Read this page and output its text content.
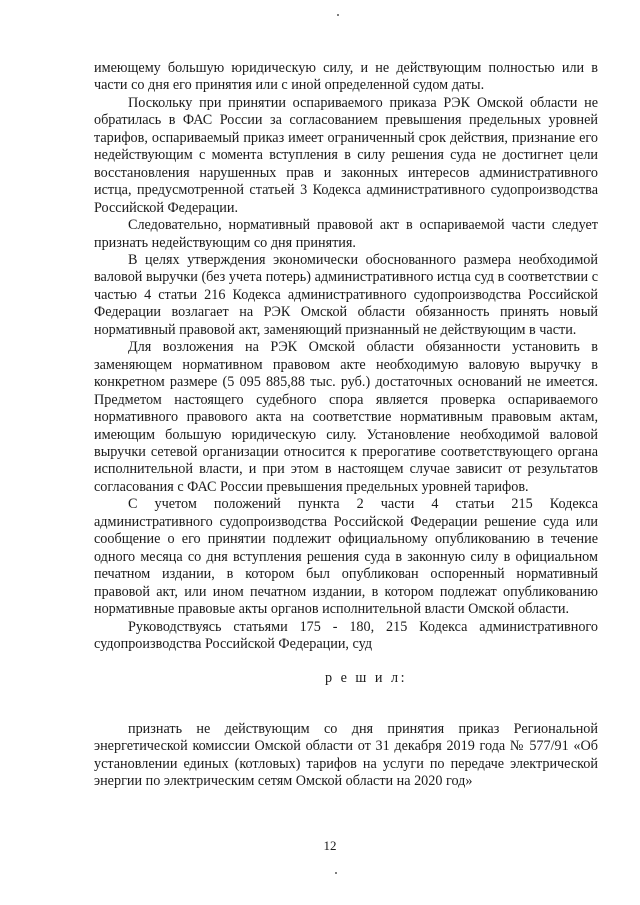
имеющему большую юридическую силу, и не действующим полностью или в части со дня его принятия или с иной определенной судом даты.

Поскольку при принятии оспариваемого приказа РЭК Омской области не обратилась в ФАС России за согласованием превышения предельных уровней тарифов, оспариваемый приказ имеет ограниченный срок действия, признание его недействующим с момента вступления в силу решения суда не достигнет цели восстановления нарушенных прав и законных интересов административного истца, предусмотренной статьей 3 Кодекса административного судопроизводства Российской Федерации.

Следовательно, нормативный правовой акт в оспариваемой части следует признать недействующим со дня принятия.

В целях утверждения экономически обоснованного размера необходимой валовой выручки (без учета потерь) административного истца суд в соответствии с частью 4 статьи 216 Кодекса административного судопроизводства Российской Федерации возлагает на РЭК Омской области обязанность принять новый нормативный правовой акт, заменяющий признанный не действующим в части.

Для возложения на РЭК Омской области обязанности установить в заменяющем нормативном правовом акте необходимую валовую выручку в конкретном размере (5 095 885,88 тыс. руб.) достаточных оснований не имеется. Предметом настоящего судебного спора является проверка оспариваемого нормативного правового акта на соответствие нормативным правовым актам, имеющим большую юридическую силу. Установление необходимой валовой выручки сетевой организации относится к прерогативе соответствующего органа исполнительной власти, и при этом в настоящем случае зависит от результатов согласования с ФАС России превышения предельных уровней тарифов.

С учетом положений пункта 2 части 4 статьи 215 Кодекса административного судопроизводства Российской Федерации решение суда или сообщение о его принятии подлежит официальному опубликованию в течение одного месяца со дня вступления решения суда в законную силу в официальном печатном издании, в котором был опубликован оспоренный нормативный правовой акт, или ином печатном издании, в котором подлежат опубликованию нормативные правовые акты органов исполнительной власти Омской области.

Руководствуясь статьями 175 - 180, 215 Кодекса административного судопроизводства Российской Федерации, суд

р е ш и л:

признать не действующим со дня принятия приказ Региональной энергетической комиссии Омской области от 31 декабря 2019 года № 577/91 «Об установлении единых (котловых) тарифов на услуги по передаче электрической энергии по электрическим сетям Омской области на 2020 год»

12
